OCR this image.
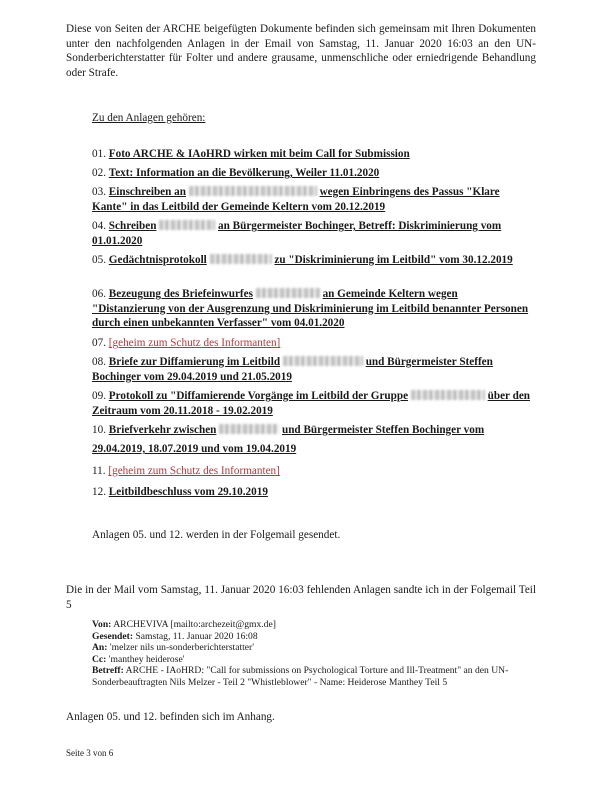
Diese von Seiten der ARCHE beigefügten Dokumente befinden sich gemeinsam mit Ihren Dokumenten unter den nachfolgenden Anlagen in der Email von Samstag, 11. Januar 2020 16:03 an den UN-Sonderberichterstatter für Folter und andere grausame, unmenschliche oder erniedrigende Behandlung oder Strafe.
Zu den Anlagen gehören:
01. Foto ARCHE & IAoHRD wirken mit beim Call for Submission
02. Text: Information an die Bevölkerung, Weiler 11.01.2020
03. Einschreiben an	wegen Einbringens des Passus "Klare Kante" in das Leitbild der Gemeinde Keltern vom 20.12.2019
04. Schreiben	an Bürgermeister Bochinger, Betreff: Diskriminierung vom 01.01.2020
05. Gedächtnisprotokoll	zu "Diskriminierung im Leitbild" vom 30.12.2019
06. Bezeugung des Briefeinwurfes	an Gemeinde Keltern wegen "Distanzierung von der Ausgrenzung und Diskriminierung im Leitbild benannter Personen durch einen unbekannten Verfasser" vom 04.01.2020
07. [geheim zum Schutz des Informanten]
08. Briefe zur Diffamierung im Leitbild	und Bürgermeister Steffen Bochinger vom 29.04.2019 und 21.05.2019
09. Protokoll zu "Diffamierende Vorgänge im Leitbild der Gruppe	über den Zeitraum vom 20.11.2018 - 19.02.2019
10. Briefverkehr zwischen	und Bürgermeister Steffen Bochinger vom
29.04.2019, 18.07.2019 und vom 19.04.2019
11. [geheim zum Schutz des Informanten]
12. Leitbildbeschluss vom 29.10.2019
Anlagen 05. und 12. werden in der Folgemail gesendet.
Die in der Mail vom Samstag, 11. Januar 2020 16:03 fehlenden Anlagen sandte ich in der Folgemail Teil 5
Von: ARCHEVIVA [mailto:archezeit@gmx.de]
Gesendet: Samstag, 11. Januar 2020 16:08
An: 'melzer nils un-sonderberichterstatter'
Cc: 'manthey heiderose'
Betreff: ARCHE - IAoHRD: "Call for submissions on Psychological Torture and Ill-Treatment" an den UN-Sonderbeauftragten Nils Melzer - Teil 2 "Whistleblower" - Name: Heiderose Manthey Teil 5
Anlagen 05. und 12. befinden sich im Anhang.
Seite 3 von 6
